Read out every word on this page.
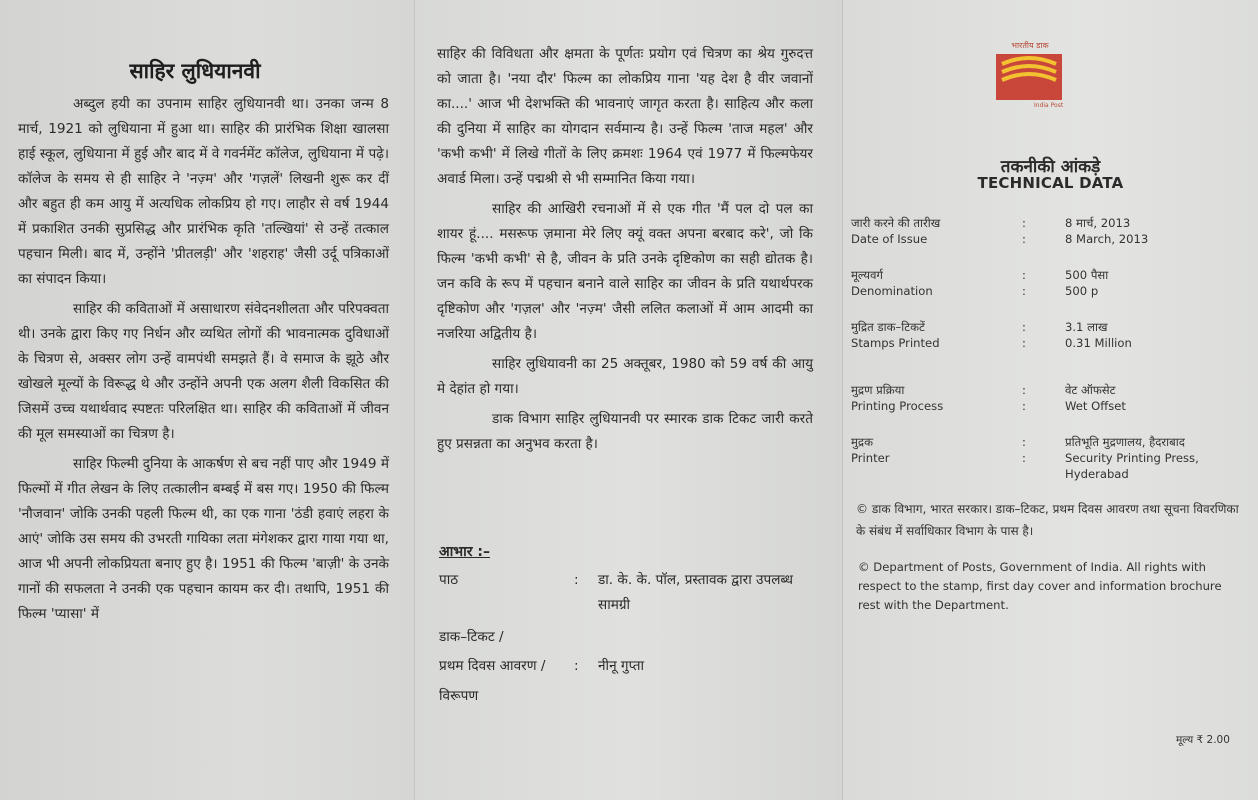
साहिर लुधियानवी

अब्दुल हयी का उपनाम साहिर लुधियानवी था। उनका जन्म 8 मार्च, 1921 को लुधियाना में हुआ था। साहिर की प्रारंभिक शिक्षा खालसा हाई स्कूल, लुधियाना में हुई और बाद में वे गवर्नमेंट कॉलेज, लुधियाना में पढ़े। कॉलेज के समय से ही साहिर ने 'नज़्म' और 'गज़लें' लिखनी शुरू कर दीं और बहुत ही कम आयु में अत्यधिक लोकप्रिय हो गए। लाहौर से वर्ष 1944 में प्रकाशित उनकी सुप्रसिद्ध और प्रारंभिक कृति 'तल्खियां' से उन्हें तत्काल पहचान मिली। बाद में, उन्होंने 'प्रीतलड़ी' और 'शहराह' जैसी उर्दू पत्रिकाओं का संपादन किया।

साहिर की कविताओं में असाधारण संवेदनशीलता और परिपक्वता थी। उनके द्वारा किए गए निर्धन और व्यथित लोगों की भावनात्मक दुविधाओं के चित्रण से, अक्सर लोग उन्हें वामपंथी समझते हैं। वे समाज के झूठे और खोखले मूल्यों के विरूद्ध थे और उन्होंने अपनी एक अलग शैली विकसित की जिसमें उच्च यथार्थवाद स्पष्टतः परिलक्षित था। साहिर की कविताओं में जीवन की मूल समस्याओं का चित्रण है।

साहिर फिल्मी दुनिया के आकर्षण से बच नहीं पाए और 1949 में फिल्मों में गीत लेखन के लिए तत्कालीन बम्बई में बस गए। 1950 की फिल्म 'नौजवान' जोकि उनकी पहली फिल्म थी, का एक गाना 'ठंडी हवाएं लहरा के आएं' जोकि उस समय की उभरती गायिका लता मंगेशकर द्वारा गाया गया था, आज भी अपनी लोकप्रियता बनाए हुए है। 1951 की फिल्म 'बाज़ी' के उनके गानों की सफलता ने उनकी एक पहचान कायम कर दी। तथापि, 1951 की फिल्म 'प्यासा' में

साहिर की विविधता और क्षमता के पूर्णतः प्रयोग एवं चित्रण का श्रेय गुरुदत्त को जाता है। 'नया दौर' फिल्म का लोकप्रिय गाना 'यह देश है वीर जवानों का....' आज भी देशभक्ति की भावनाएं जागृत करता है। साहित्य और कला की दुनिया में साहिर का योगदान सर्वमान्य है। उन्हें फिल्म 'ताज महल' और 'कभी कभी' में लिखे गीतों के लिए क्रमशः 1964 एवं 1977 में फिल्मफेयर अवार्ड मिला। उन्हें पद्मश्री से भी सम्मानित किया गया।

साहिर की आखिरी रचनाओं में से एक गीत 'मैं पल दो पल का शायर हूं.... मसरूफ ज़माना मेरे लिए क्यूं वक्त अपना बरबाद करे', जो कि फिल्म 'कभी कभी' से है, जीवन के प्रति उनके दृष्टिकोण का सही द्योतक है। जन कवि के रूप में पहचान बनाने वाले साहिर का जीवन के प्रति यथार्थपरक दृष्टिकोण और 'गज़ल' और 'नज़्म' जैसी ललित कलाओं में आम आदमी का नजरिया अद्वितीय है।

साहिर लुधियावनी का 25 अक्तूबर, 1980 को 59 वर्ष की आयु मे देहांत हो गया।

डाक विभाग साहिर लुधियानवी पर स्मारक डाक टिकट जारी करते हुए प्रसन्नता का अनुभव करता है।

आभार :–
पाठ	: डा. के. के. पॉल, प्रस्तावक द्वारा उपलब्ध सामग्री
डाक–टिकट /
प्रथम दिवस आवरण / : नीनू गुप्ता
विरूपण
भारतीय डाक
India Post
तकनीकी आंकड़े
TECHNICAL DATA
जारी करने की तारीख
Date of Issue
:
:
8 मार्च, 2013
8 March, 2013
मूल्यवर्ग
Denomination
:
:
500 पैसा
500 p
मुद्रित डाक–टिकटें
Stamps Printed
:
:
3.1 लाख
0.31 Million
मुद्रण प्रक्रिया
Printing Process
:
:
वेट ऑफसेट
Wet Offset
मुद्रक
Printer
:
:
प्रतिभूति मुद्रणालय, हैदराबाद
Security Printing Press, Hyderabad
© डाक विभाग, भारत सरकार। डाक–टिकट, प्रथम दिवस आवरण तथा सूचना विवरणिका के संबंध में सर्वाधिकार विभाग के पास है।
© Department of Posts, Government of India. All rights with respect to the stamp, first day cover and information brochure rest with the Department.
मूल्य ₹ 2.00
